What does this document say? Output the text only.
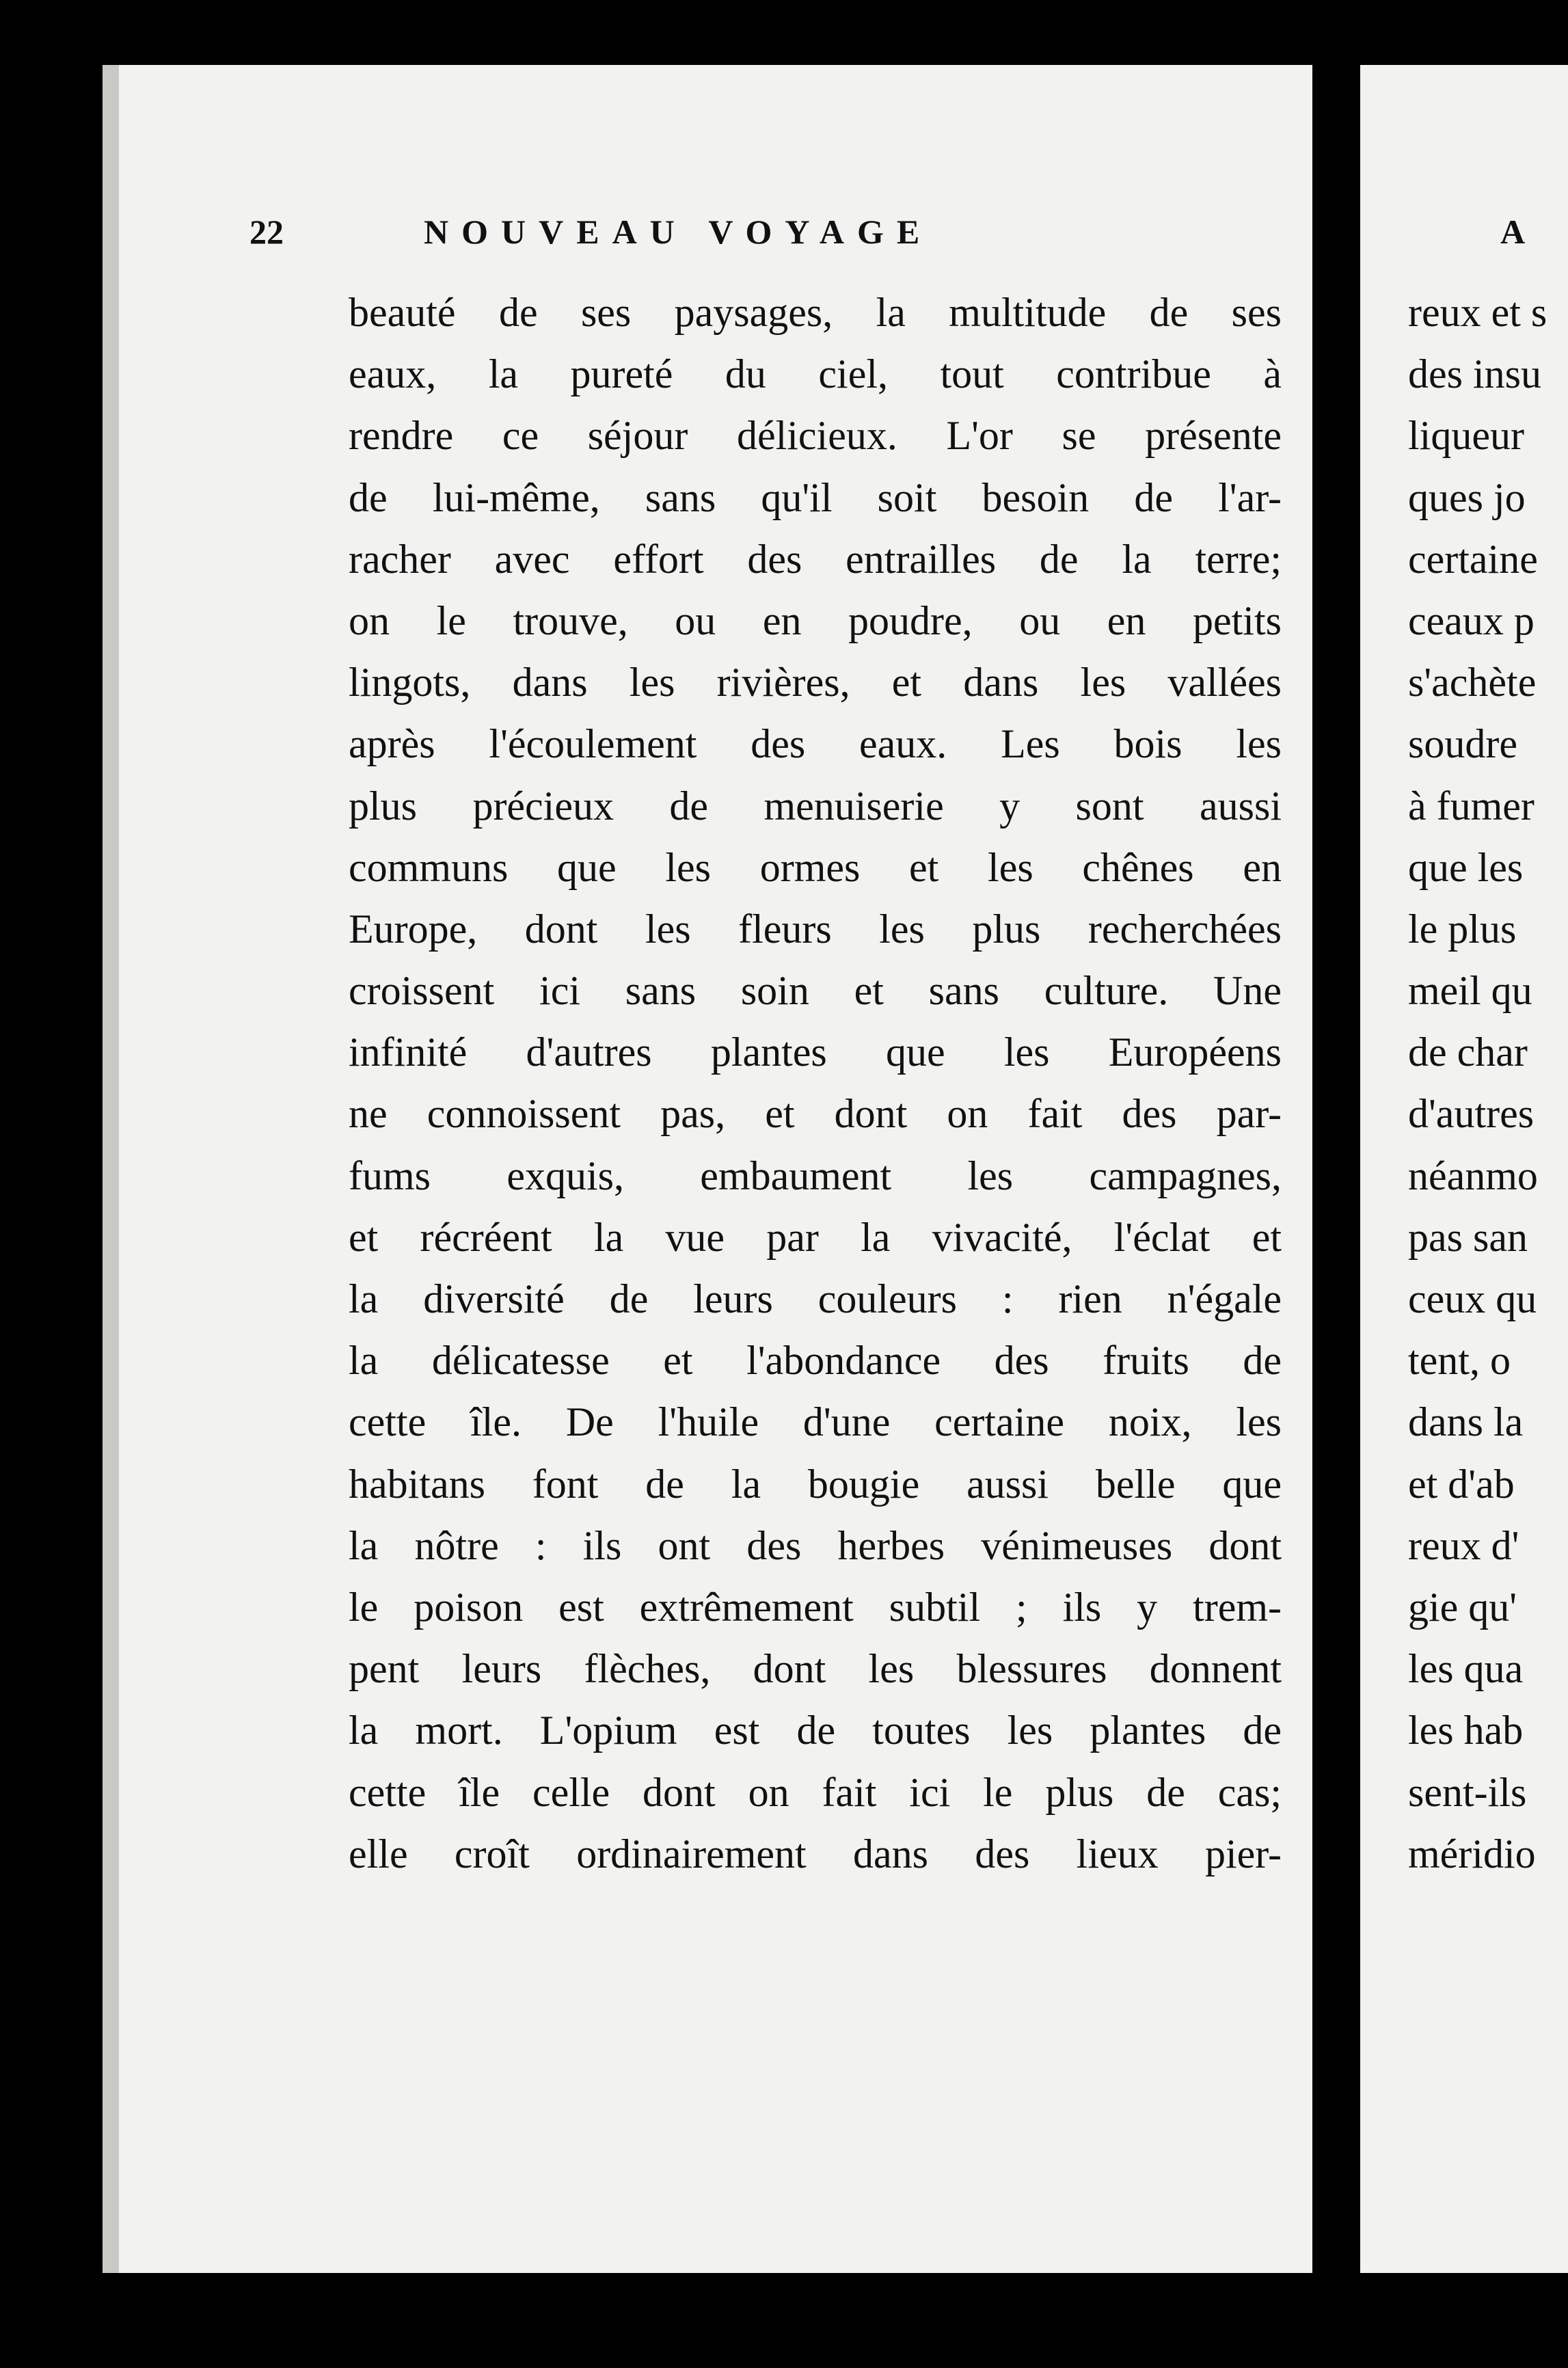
A
reux et s
des insu
liqueur
ques jo
certaine
ceaux p
s'achète
soudre
à fumer
que les
le plus
meil qu
de char
d'autres
néanmo
pas san
ceux qu
tent, o
dans la
et d'ab
reux d'
gie qu'
les qua
les hab
sent-ils
méridio
22	NOUVEAU VOYAGE
beauté de ses paysages, la multitude de ses
eaux, la pureté du ciel, tout contribue à
rendre ce séjour délicieux. L'or se présente
de lui-même, sans qu'il soit besoin de l'ar-
racher avec effort des entrailles de la terre;
on le trouve, ou en poudre, ou en petits
lingots, dans les rivières, et dans les vallées
après l'écoulement des eaux. Les bois les
plus précieux de menuiserie y sont aussi
communs que les ormes et les chênes en
Europe, dont les fleurs les plus recherchées
croissent ici sans soin et sans culture. Une
infinité d'autres plantes que les Européens
ne connoissent pas, et dont on fait des par-
fums exquis, embaument les campagnes,
et récréent la vue par la vivacité, l'éclat et
la diversité de leurs couleurs : rien n'égale
la délicatesse et l'abondance des fruits de
cette île. De l'huile d'une certaine noix, les
habitans font de la bougie aussi belle que
la nôtre : ils ont des herbes vénimeuses dont
le poison est extrêmement subtil ; ils y trem-
pent leurs flèches, dont les blessures donnent
la mort. L'opium est de toutes les plantes de
cette île celle dont on fait ici le plus de cas;
elle croît ordinairement dans des lieux pier-
